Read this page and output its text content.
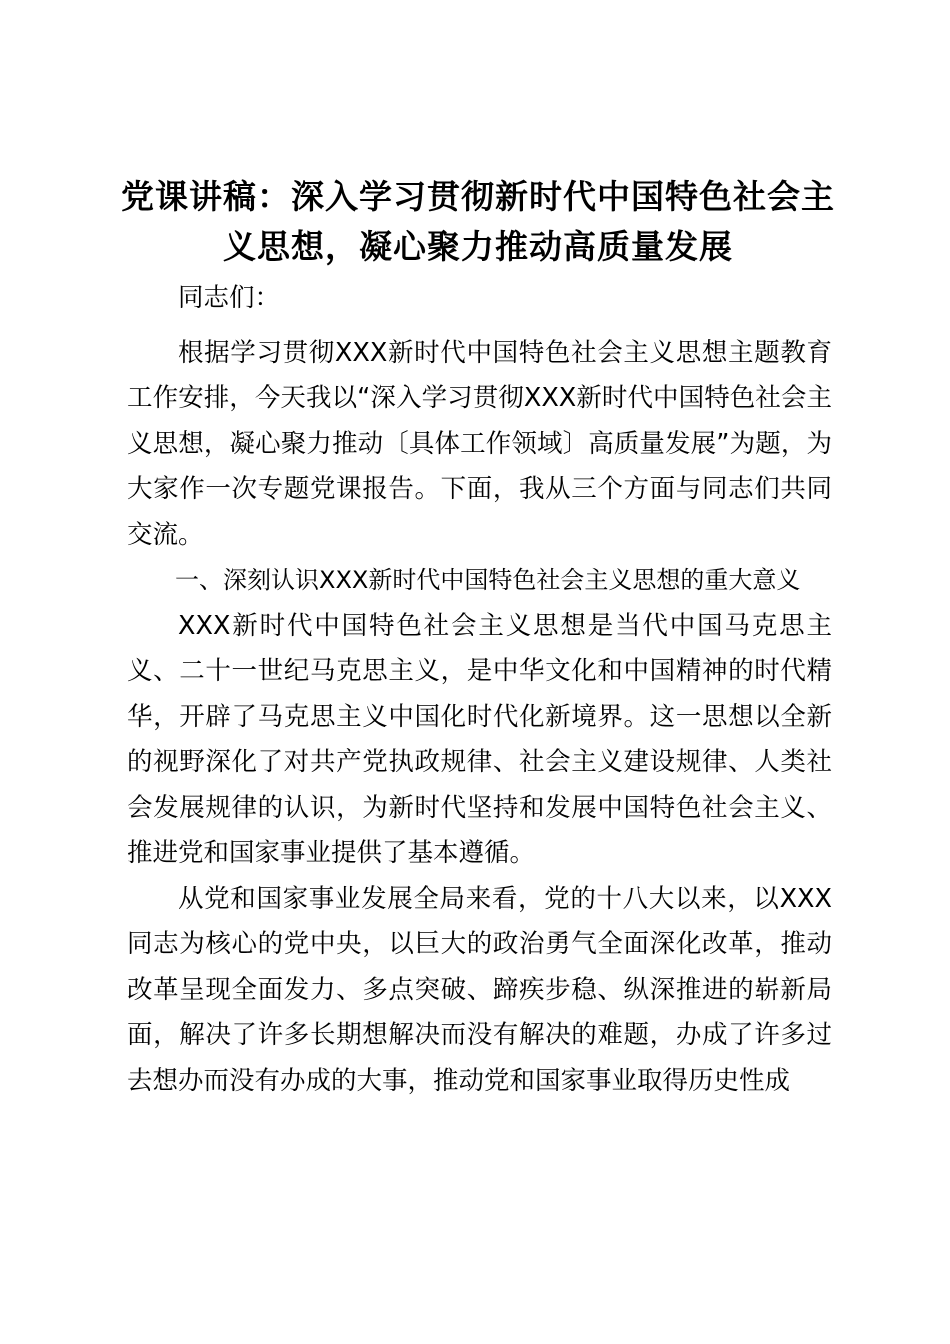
党课讲稿：深入学习贯彻新时代中国特色社会主义思想，凝心聚力推动高质量发展

同志们：

根据学习贯彻XXX新时代中国特色社会主义思想主题教育工作安排，今天我以“深入学习贯彻XXX新时代中国特色社会主义思想，凝心聚力推动〔具体工作领域〕高质量发展”为题，为大家作一次专题党课报告。下面，我从三个方面与同志们共同交流。

一、深刻认识XXX新时代中国特色社会主义思想的重大意义

XXX新时代中国特色社会主义思想是当代中国马克思主义、二十一世纪马克思主义，是中华文化和中国精神的时代精华，开辟了马克思主义中国化时代化新境界。这一思想以全新的视野深化了对共产党执政规律、社会主义建设规律、人类社会发展规律的认识，为新时代坚持和发展中国特色社会主义、推进党和国家事业提供了基本遵循。

从党和国家事业发展全局来看，党的十八大以来，以XXX同志为核心的党中央，以巨大的政治勇气全面深化改革，推动改革呈现全面发力、多点突破、蹄疾步稳、纵深推进的崭新局面，解决了许多长期想解决而没有解决的难题，办成了许多过去想办而没有办成的大事，推动党和国家事业取得历史性成
